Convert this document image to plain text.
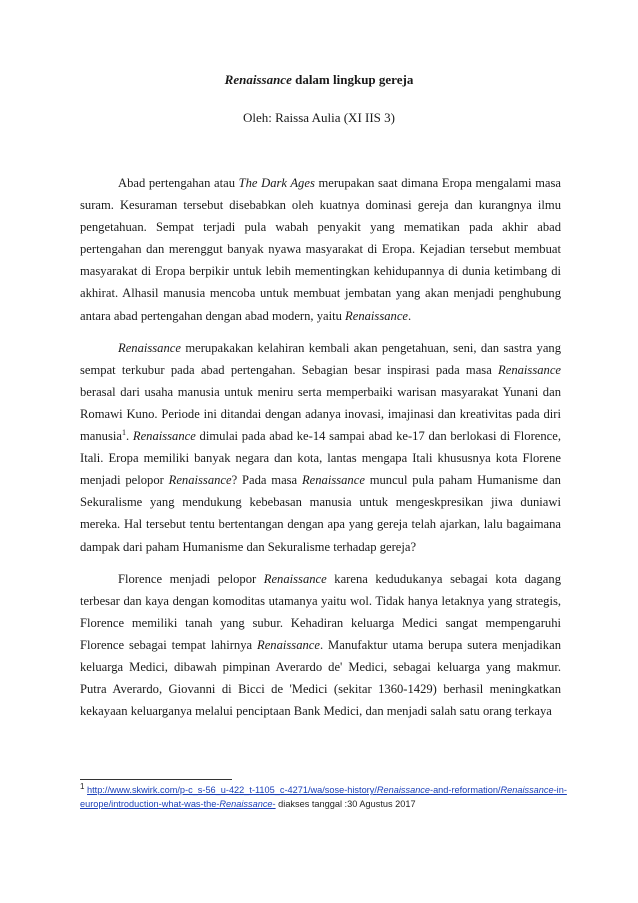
Renaissance dalam lingkup gereja
Oleh: Raissa Aulia (XI IIS 3)

Abad pertengahan atau The Dark Ages merupakan saat dimana Eropa mengalami masa suram. Kesuraman tersebut disebabkan oleh kuatnya dominasi gereja dan kurangnya ilmu pengetahuan. Sempat terjadi pula wabah penyakit yang mematikan pada akhir abad pertengahan dan merenggut banyak nyawa masyarakat di Eropa. Kejadian tersebut membuat masyarakat di Eropa berpikir untuk lebih mementingkan kehidupannya di dunia ketimbang di akhirat. Alhasil manusia mencoba untuk membuat jembatan yang akan menjadi penghubung antara abad pertengahan dengan abad modern, yaitu Renaissance.

Renaissance merupakakan kelahiran kembali akan pengetahuan, seni, dan sastra yang sempat terkubur pada abad pertengahan. Sebagian besar inspirasi pada masa Renaissance berasal dari usaha manusia untuk meniru serta memperbaiki warisan masyarakat Yunani dan Romawi Kuno. Periode ini ditandai dengan adanya inovasi, imajinasi dan kreativitas pada diri manusia$^1$. Renaissance dimulai pada abad ke-14 sampai abad ke-17 dan berlokasi di Florence, Itali. Eropa memiliki banyak negara dan kota, lantas mengapa Itali khususnya kota Florene menjadi pelopor Renaissance? Pada masa Renaissance muncul pula paham Humanisme dan Sekuralisme yang mendukung kebebasan manusia untuk mengeskpresikan jiwa duniawi mereka. Hal tersebut tentu bertentangan dengan apa yang gereja telah ajarkan, lalu bagaimana dampak dari paham Humanisme dan Sekuralisme terhadap gereja?

Florence menjadi pelopor Renaissance karena kedudukanya sebagai kota dagang terbesar dan kaya dengan komoditas utamanya yaitu wol. Tidak hanya letaknya yang strategis, Florence memiliki tanah yang subur. Kehadiran keluarga Medici sangat mempengaruhi Florence sebagai tempat lahirnya Renaissance. Manufaktur utama berupa sutera menjadikan keluarga Medici, dibawah pimpinan Averardo de' Medici, sebagai keluarga yang makmur. Putra Averardo, Giovanni di Bicci de 'Medici (sekitar 1360-1429) berhasil meningkatkan kekayaan keluarganya melalui penciptaan Bank Medici, dan menjadi salah satu orang terkaya

$^1$ http://www.skwirk.com/p-c_s-56_u-422_t-1105_c-4271/wa/sose-history/Renaissance-and-reformation/Renaissance-in-europe/introduction-what-was-the-Renaissance- diakses tanggal :30 Agustus 2017
